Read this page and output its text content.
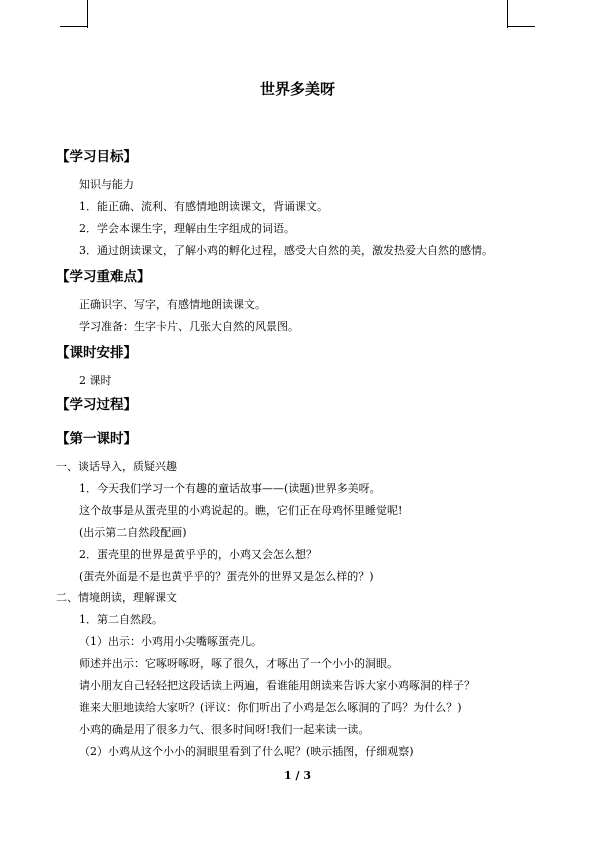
世界多美呀
【学习目标】
知识与能力
1．能正确、流利、有感情地朗读课文，背诵课文。
2．学会本课生字，理解由生字组成的词语。
3．通过朗读课文，了解小鸡的孵化过程，感受大自然的美，激发热爱大自然的感情。
【学习重难点】
正确识字、写字，有感情地朗读课文。
学习准备：生字卡片、几张大自然的风景图。
【课时安排】
2 课时
【学习过程】
【第一课时】
一、谈话导入，质疑兴趣
1．今天我们学习一个有趣的童话故事——(读题)世界多美呀。
这个故事是从蛋壳里的小鸡说起的。瞧，它们正在母鸡怀里睡觉呢!
(出示第二自然段配画)
2．蛋壳里的世界是黄乎乎的，小鸡又会怎么想？
(蛋壳外面是不是也黄乎乎的？蛋壳外的世界又是怎么样的？)
二、情境朗读，理解课文
1．第二自然段。
（1）出示：小鸡用小尖嘴啄蛋壳儿。
师述并出示：它啄呀啄呀，啄了很久，才啄出了一个小小的洞眼。
请小朋友自己轻轻把这段话读上两遍，看谁能用朗读来告诉大家小鸡啄洞的样子？
谁来大胆地读给大家听？(评议：你们听出了小鸡是怎么啄洞的了吗？为什么？)
小鸡的确是用了很多力气、很多时间呀!我们一起来读一读。
（2）小鸡从这个小小的洞眼里看到了什么呢？(映示插图，仔细观察)
1 / 3
